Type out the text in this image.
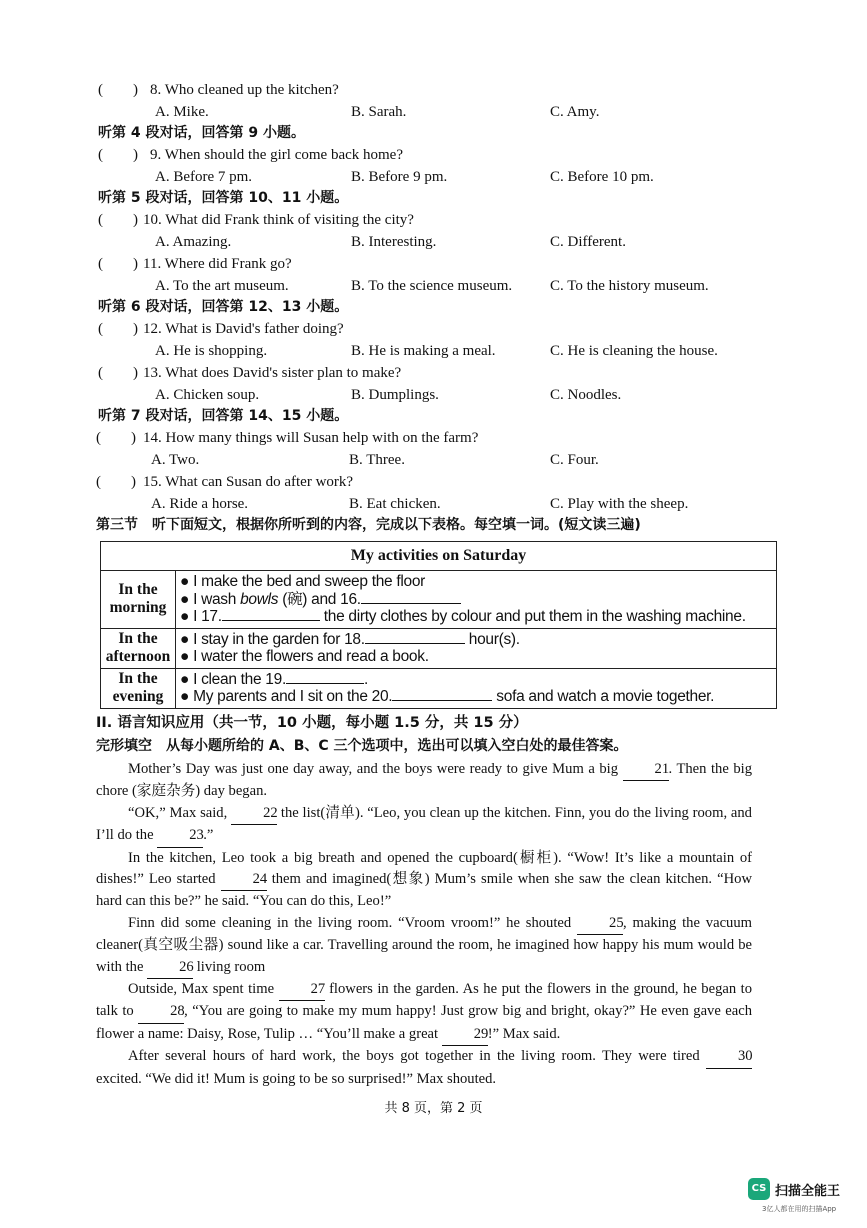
(　　) 8. Who cleaned up the kitchen?
A. Mike.	B. Sarah.	C. Amy.
听第 4 段对话，回答第 9 小题。
(　　) 9. When should the girl come back home?
A. Before 7 pm.	B. Before 9 pm.	C. Before 10 pm.
听第 5 段对话，回答第 10、11 小题。
(　　) 10. What did Frank think of visiting the city?
A. Amazing.	B. Interesting.	C. Different.
(　　) 11. Where did Frank go?
A. To the art museum.	B. To the science museum.	C. To the history museum.
听第 6 段对话，回答第 12、13 小题。
(　　) 12. What is David's father doing?
A. He is shopping.	B. He is making a meal.	C. He is cleaning the house.
(　　) 13. What does David's sister plan to make?
A. Chicken soup.	B. Dumplings.	C. Noodles.
听第 7 段对话，回答第 14、15 小题。
(　　) 14. How many things will Susan help with on the farm?
A. Two.	B. Three.	C. Four.
(　　) 15. What can Susan do after work?
A. Ride a horse.	B. Eat chicken.	C. Play with the sheep.
第三节　听下面短文，根据你所听到的内容，完成以下表格。每空填一词。(短文读三遍)
My activities on Saturday	
In the morning	● I make the bed and sweep the floor
● I wash bowls (碗) and 16.
● I 17. the dirty clothes by colour and put them in the washing machine.

In the afternoon	● I stay in the garden for 18. hour(s).
● I water the flowers and read a book.

In the evening	● I clean the 19. .
● My parents and I sit on the 20. sofa and watch a movie together.
II. 语言知识应用（共一节，10 小题，每小题 1.5 分，共 15 分）
完形填空　从每小题所给的 A、B、C 三个选项中，选出可以填入空白处的最佳答案。

Mother’s Day was just one day away, and the boys were ready to give Mum a big 21. Then the big chore (家庭杂务) day began.

“OK,” Max said, 22 the list(清单). “Leo, you clean up the kitchen. Finn, you do the living room, and I’ll do the 23.”

In the kitchen, Leo took a big breath and opened the cupboard(橱柜). “Wow! It’s like a mountain of dishes!” Leo started 24 them and imagined(想象) Mum’s smile when she saw the clean kitchen. “How hard can this be?” he said. “You can do this, Leo!”

Finn did some cleaning in the living room. “Vroom vroom!” he shouted 25, making the vacuum cleaner(真空吸尘器) sound like a car. Travelling around the room, he imagined how happy his mum would be with the 26 living room

Outside, Max spent time 27 flowers in the garden. As he put the flowers in the ground, he began to talk to 28, “You are going to make my mum happy! Just grow big and bright, okay?” He even gave each flower a name: Daisy, Rose, Tulip … “You’ll make a great 29!” Max said.

After several hours of hard work, the boys got together in the living room. They were tired 30 excited. “We did it! Mum is going to be so surprised!” Max shouted.

共 8 页，第 2 页
CS 扫描全能王
3亿人都在用的扫描App
